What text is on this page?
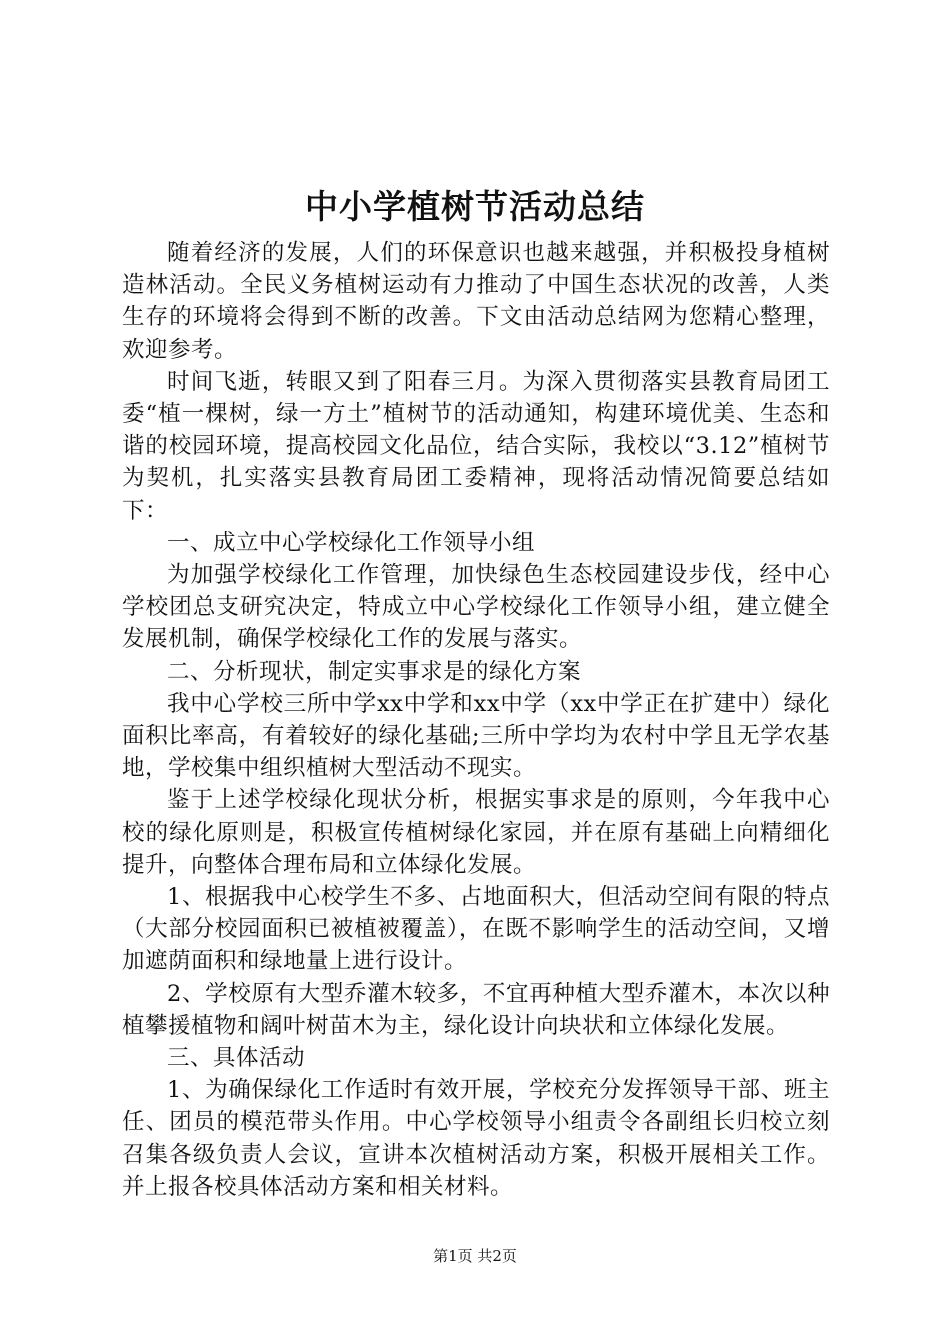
中小学植树节活动总结

随着经济的发展，人们的环保意识也越来越强，并积极投身植树造林活动。全民义务植树运动有力推动了中国生态状况的改善，人类生存的环境将会得到不断的改善。下文由活动总结网为您精心整理，欢迎参考。

时间飞逝，转眼又到了阳春三月。为深入贯彻落实县教育局团工委“植一棵树，绿一方土”植树节的活动通知，构建环境优美、生态和谐的校园环境，提高校园文化品位，结合实际，我校以“3.12”植树节为契机，扎实落实县教育局团工委精神，现将活动情况简要总结如下：

一、成立中心学校绿化工作领导小组

为加强学校绿化工作管理，加快绿色生态校园建设步伐，经中心学校团总支研究决定，特成立中心学校绿化工作领导小组，建立健全发展机制，确保学校绿化工作的发展与落实。

二、分析现状，制定实事求是的绿化方案

我中心学校三所中学xx中学和xx中学（xx中学正在扩建中）绿化面积比率高，有着较好的绿化基础;三所中学均为农村中学且无学农基地，学校集中组织植树大型活动不现实。

鉴于上述学校绿化现状分析，根据实事求是的原则，今年我中心校的绿化原则是，积极宣传植树绿化家园，并在原有基础上向精细化提升，向整体合理布局和立体绿化发展。

1、根据我中心校学生不多、占地面积大，但活动空间有限的特点（大部分校园面积已被植被覆盖），在既不影响学生的活动空间，又增加遮荫面积和绿地量上进行设计。

2、学校原有大型乔灌木较多，不宜再种植大型乔灌木，本次以种植攀援植物和阔叶树苗木为主，绿化设计向块状和立体绿化发展。

三、具体活动

1、为确保绿化工作适时有效开展，学校充分发挥领导干部、班主任、团员的模范带头作用。中心学校领导小组责令各副组长归校立刻召集各级负责人会议，宣讲本次植树活动方案，积极开展相关工作。并上报各校具体活动方案和相关材料。

第1页 共2页
